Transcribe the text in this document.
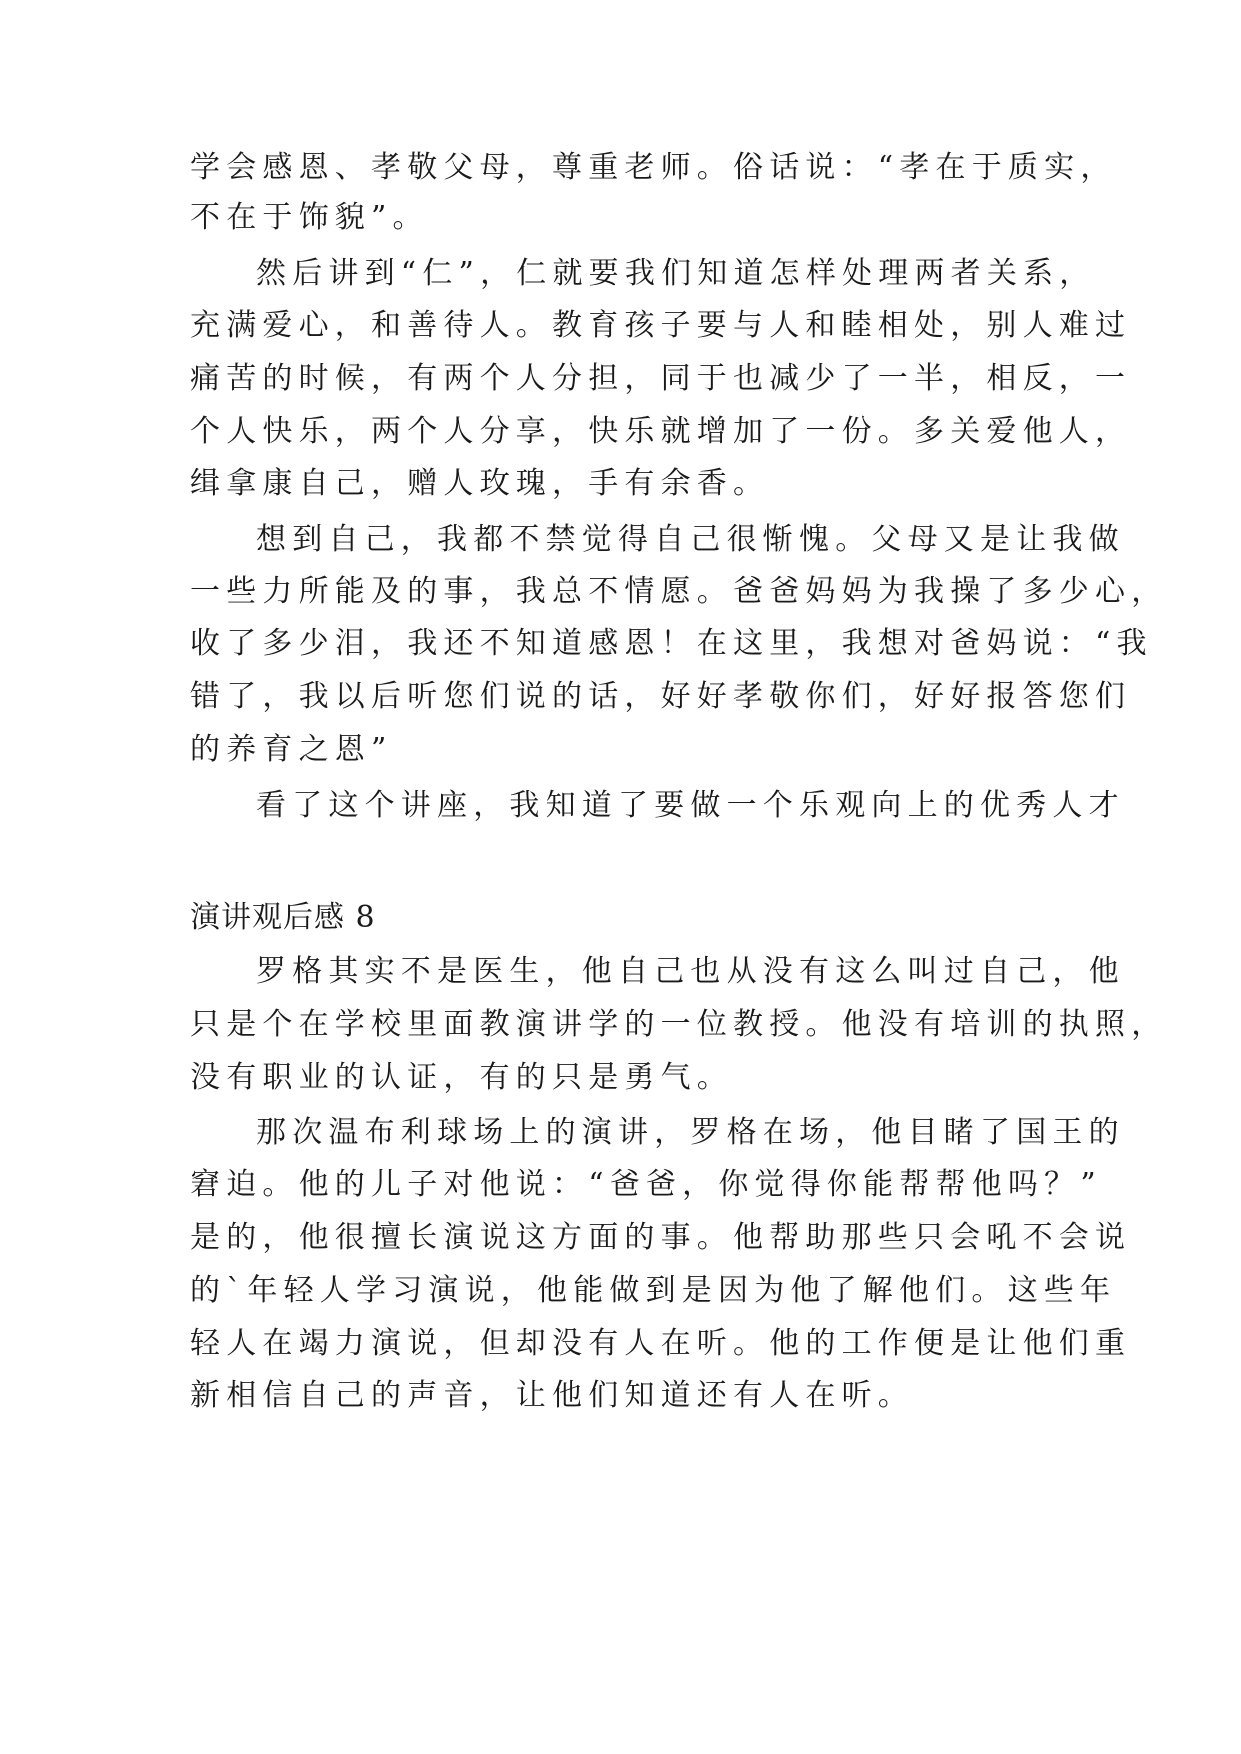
学会感恩、孝敬父母，尊重老师。俗话说：“孝在于质实，
不在于饰貌”。
然后讲到“仁”，仁就要我们知道怎样处理两者关系，
充满爱心，和善待人。教育孩子要与人和睦相处，别人难过
痛苦的时候，有两个人分担，同于也减少了一半，相反，一
个人快乐，两个人分享，快乐就增加了一份。多关爱他人，
缉拿康自己，赠人玫瑰，手有余香。
想到自己，我都不禁觉得自己很惭愧。父母又是让我做
一些力所能及的事，我总不情愿。爸爸妈妈为我操了多少心，
收了多少泪，我还不知道感恩！在这里，我想对爸妈说：“我
错了，我以后听您们说的话，好好孝敬你们，好好报答您们
的养育之恩”
看了这个讲座，我知道了要做一个乐观向上的优秀人才
演讲观后感 8
罗格其实不是医生，他自己也从没有这么叫过自己，他
只是个在学校里面教演讲学的一位教授。他没有培训的执照，
没有职业的认证，有的只是勇气。
那次温布利球场上的演讲，罗格在场，他目睹了国王的
窘迫。他的儿子对他说：“爸爸，你觉得你能帮帮他吗？”
是的，他很擅长演说这方面的事。他帮助那些只会吼不会说
的`年轻人学习演说，他能做到是因为他了解他们。这些年
轻人在竭力演说，但却没有人在听。他的工作便是让他们重
新相信自己的声音，让他们知道还有人在听。
